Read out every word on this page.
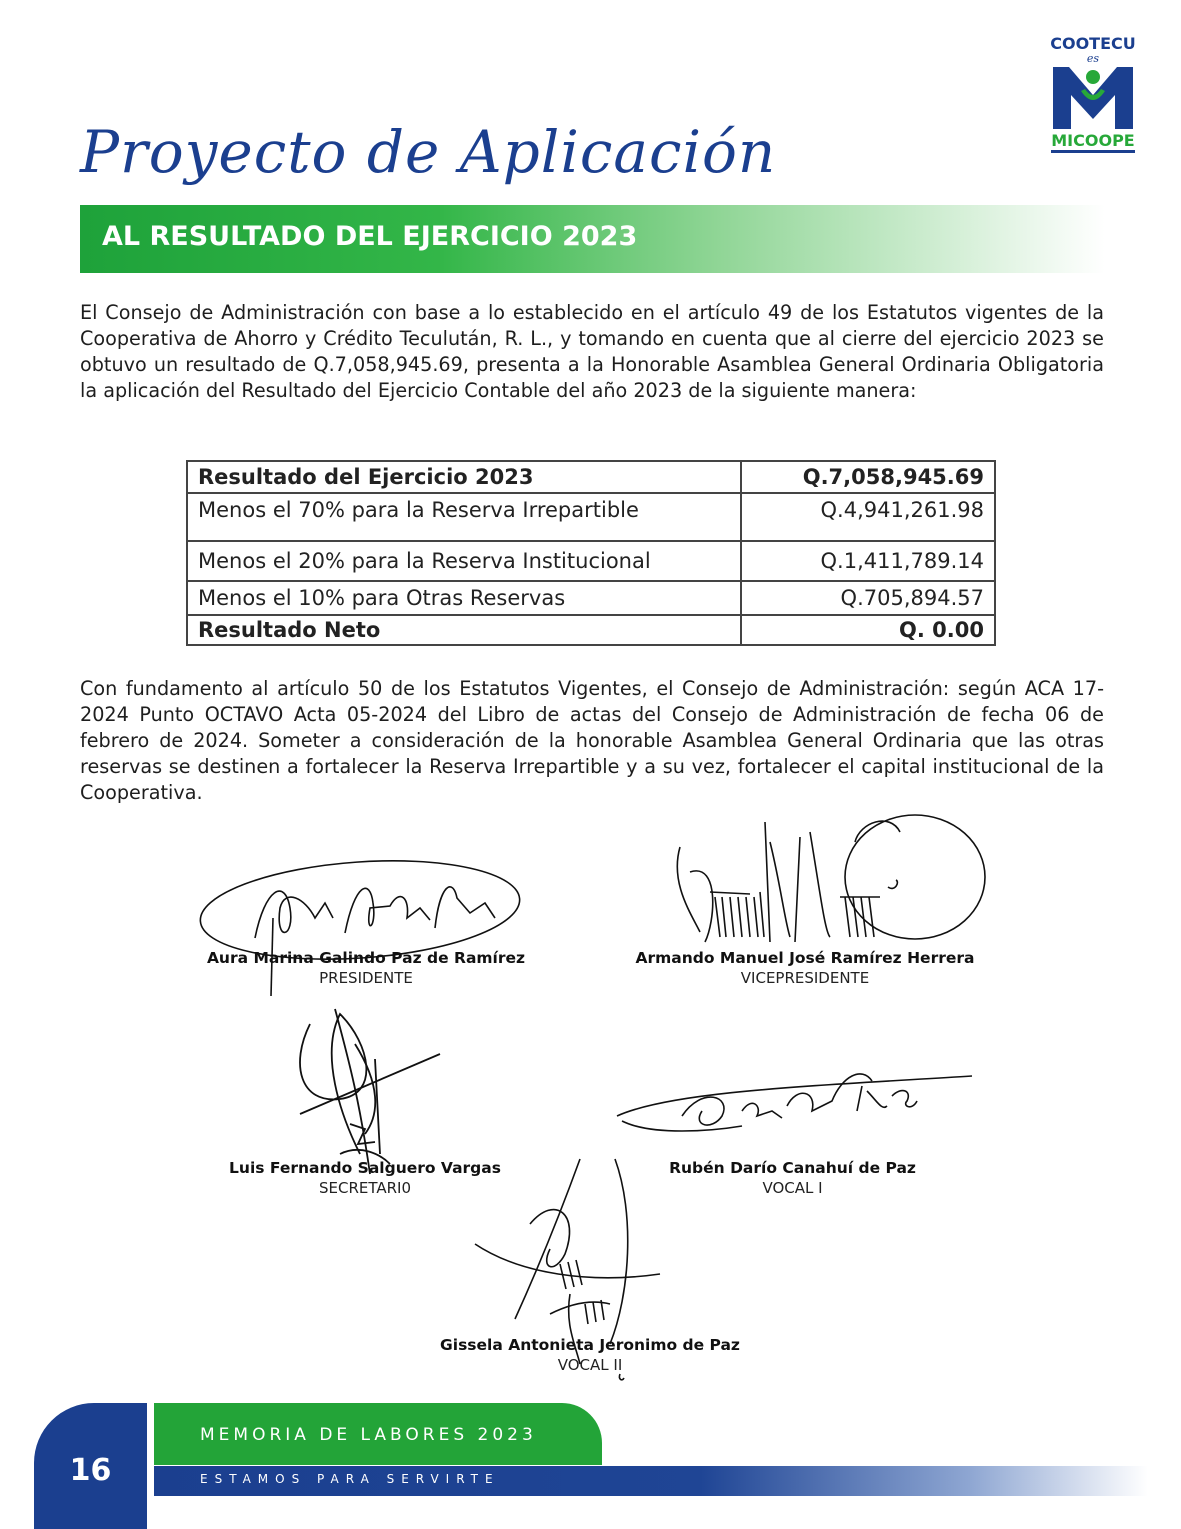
COOTECU
es
MICOOPE
Proyecto de Aplicación
AL RESULTADO DEL EJERCICIO 2023
El Consejo de Administración con base a lo establecido en el artículo 49 de los Estatutos vigentes de la Cooperativa de Ahorro y Crédito Teculután, R. L., y tomando en cuenta que al cierre del ejercicio 2023 se obtuvo un resultado de Q.7,058,945.69, presenta a la Honorable Asamblea General Ordinaria Obligatoria la aplicación del Resultado del Ejercicio Contable del año 2023 de la siguiente manera:
Resultado del Ejercicio 2023	Q.7,058,945.69
Menos el 70% para la Reserva Irrepartible	Q.4,941,261.98
Menos el 20% para la Reserva Institucional	Q.1,411,789.14
Menos el 10% para Otras Reservas	Q.705,894.57
Resultado Neto	Q. 0.00
Con fundamento al artículo 50 de los Estatutos Vigentes, el Consejo de Administración: según ACA 17-2024 Punto OCTAVO Acta 05-2024 del Libro de actas del Consejo de Administración de fecha 06 de febrero de 2024. Someter a consideración de la honorable Asamblea General Ordinaria que las otras reservas se destinen a fortalecer la Reserva Irrepartible y a su vez, fortalecer el capital institucional de la Cooperativa.
Aura Marina Galindo Paz de Ramírez
PRESIDENTE
Armando Manuel José Ramírez Herrera
VICEPRESIDENTE
Luis Fernando Salguero Vargas
SECRETARI0
Rubén Darío Canahuí de Paz
VOCAL I
Gissela Antonieta Jeronimo de Paz
VOCAL II
16
MEMORIA DE LABORES 2023
ESTAMOS PARA SERVIRTE
